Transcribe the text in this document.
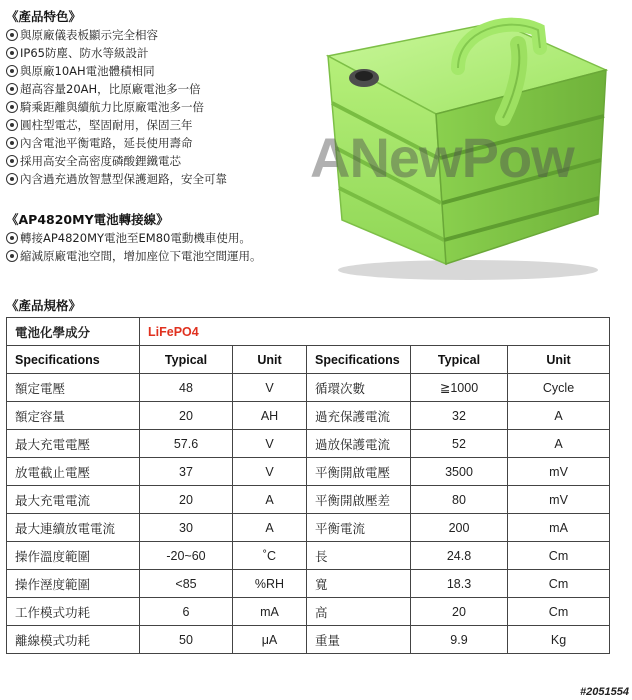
《產品特色》
與原廠儀表板顯示完全相容
IP65防塵、防水等級設計
與原廠10AH電池體積相同
超高容量20AH，比原廠電池多一倍
騎乘距離與續航力比原廠電池多一倍
圓柱型電芯，堅固耐用，保固三年
內含電池平衡電路，延長使用壽命
採用高安全高密度磷酸鋰鐵電芯
內含過充過放智慧型保護迴路，安全可靠	ANewPow
《AP4820MY電池轉接線》
轉接AP4820MY電池至EM80電動機車使用。
縮減原廠電池空間，增加座位下電池空間運用。
《產品規格》
電池化學成分	LiFePO4				
Specifications	Typical	Unit	Specifications	Typical	Unit
額定電壓	48	V	循環次數	≧1000	Cycle
額定容量	20	AH	過充保護電流	32	A
最大充電電壓	57.6	V	過放保護電流	52	A
放電截止電壓	37	V	平衡開啟電壓	3500	mV
最大充電電流	20	A	平衡開啟壓差	80	mV
最大連續放電電流	30	A	平衡電流	200	mA
操作溫度範圍	-20~60	˚C	長	24.8	Cm
操作溼度範圍	<85	%RH	寬	18.3	Cm
工作模式功耗	6	mA	高	20	Cm
離線模式功耗	50	μA	重量	9.9	Kg
#2051554
